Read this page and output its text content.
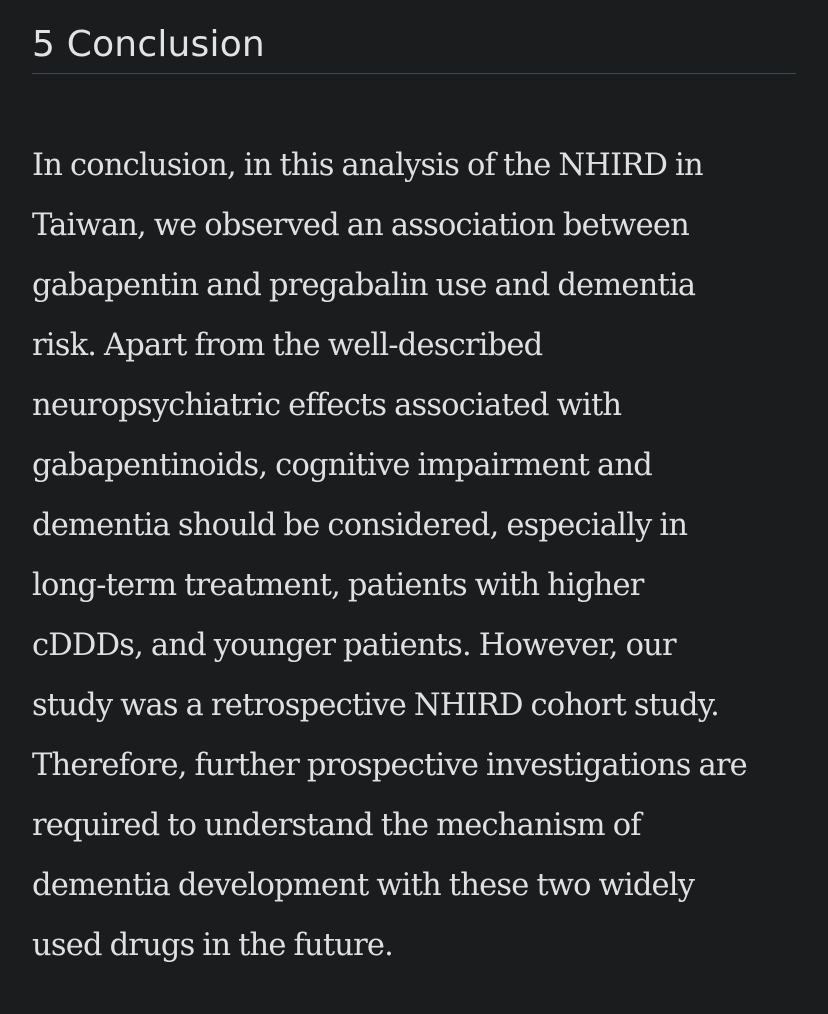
5 Conclusion

In conclusion, in this analysis of the NHIRD in
Taiwan, we observed an association between
gabapentin and pregabalin use and dementia
risk. Apart from the well-described
neuropsychiatric effects associated with
gabapentinoids, cognitive impairment and
dementia should be considered, especially in
long-term treatment, patients with higher
cDDDs, and younger patients. However, our
study was a retrospective NHIRD cohort study.
Therefore, further prospective investigations are
required to understand the mechanism of
dementia development with these two widely
used drugs in the future.
